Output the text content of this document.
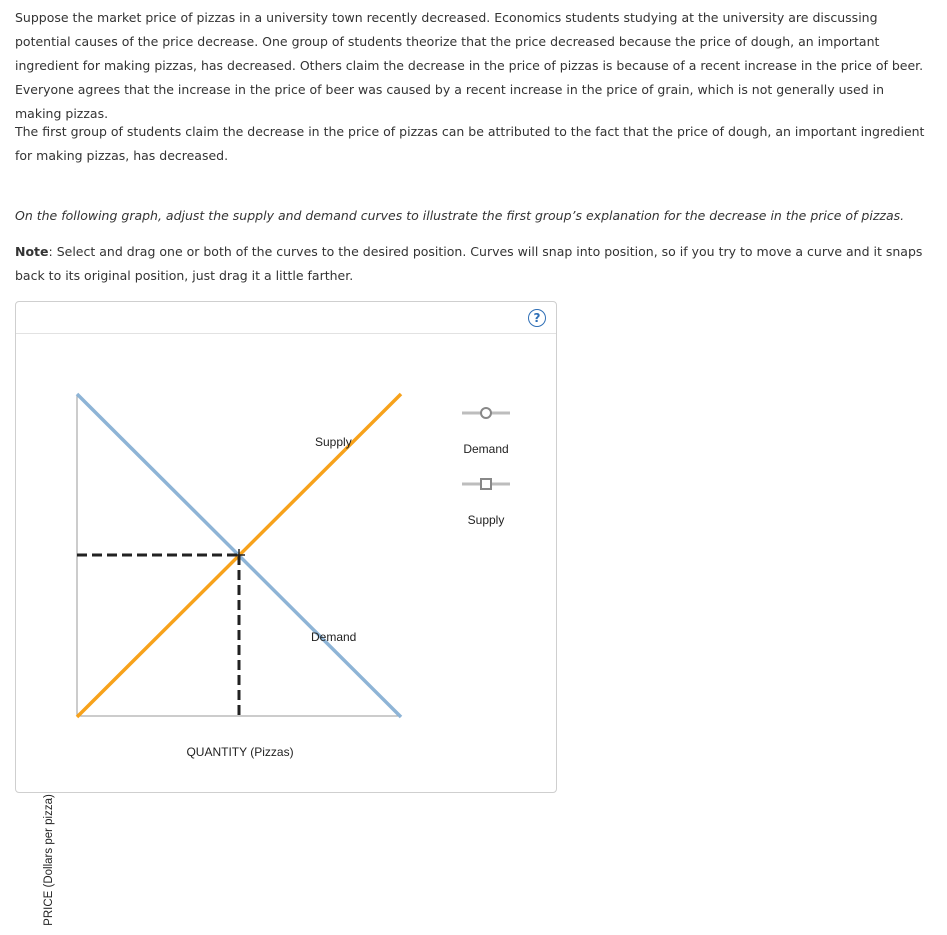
Suppose the market price of pizzas in a university town recently decreased. Economics students studying at the university are discussing potential causes of the price decrease. One group of students theorize that the price decreased because the price of dough, an important ingredient for making pizzas, has decreased. Others claim the decrease in the price of pizzas is because of a recent increase in the price of beer. Everyone agrees that the increase in the price of beer was caused by a recent increase in the price of grain, which is not generally used in making pizzas.

The first group of students claim the decrease in the price of pizzas can be attributed to the fact that the price of dough, an important ingredient for making pizzas, has decreased.

On the following graph, adjust the supply and demand curves to illustrate the first group’s explanation for the decrease in the price of pizzas.

Note: Select and drag one or both of the curves to the desired position. Curves will snap into position, so if you try to move a curve and it snaps back to its original position, just drag it a little farther.

?
Supply
Demand
QUANTITY (Pizzas)
Demand
Supply
PRICE (Dollars per pizza)
